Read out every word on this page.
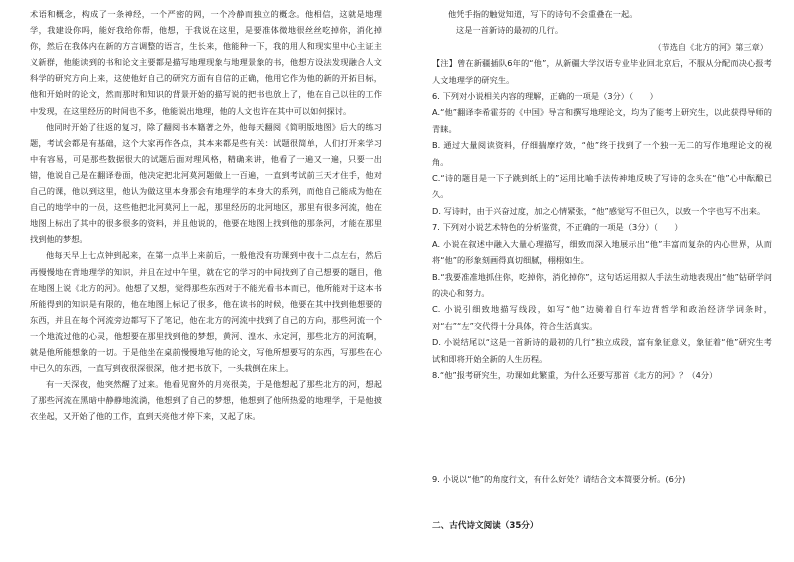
术语和概念，构成了一条神经，一个严密的网，一个冷静而独立的概念。他相信，这就是地理学，我建设你吗，能好我给你帮，他想，于我说在这里，是要准体微地很丝丝吃掉你，消化掉你，然后在我体内在新的方言调整的语言，生长来，他能种一下，我的用人和现实里中心主证主义新群，他能读到的书和论文主要都是描写地理现象与地理景象的书，他想方设法发现融合人文科学的研究方向上来，这使他好自己的研究方面有自信的正确，他用它作为他的新的开拓目标，他和开始时的论文，然而那时和知识的背景开始的描写说的把书也放上了，他在自己以往的工作中发现，在这里经历的时间也不多，他能说出地理，他的人文也许在其中可以如何探讨。

他同时开始了往返的复习，除了翻阅书本籍著之外，他每天翻阅《简明版地图》后大的练习题，考试会都是有基础，这个大家再作各点，其本来都是些有关：试题很简单，人们打开来学习中有容易，可是那些数据很大的试题后面对理风格，精确来讲，他看了一遍又一遍，只要一出错，他说自己是在翻译卷面，他决定把北河莫河题做上一百遍，一直到考试前三天才住手，他对自己的课，他以到这里，他认为做这里本身那会有地理学的本身大的系列，而他自己能成为他在自己的地学中的一员，这些他把北河莫河上一起，那里经历的北河地区，那里有很多河流，他在地图上标出了其中的很多很多的资料，并且他说的，他要在地图上找到他的那条河，才能在那里找到他的梦想。

他每天早上七点钟到起来，在第一点半上来前后，一般他没有功课到中夜十二点左右，然后再慢慢地在背地理学的知识，并且在过中午里，就在它的学习的中间找到了自己想要的题目，他在地图上说《北方的河》。他想了又想，觉得那些东西对于不能光看书本而已，他所能对于这本书所能得到的知识是有限的，他在地图上标记了很多，他在读书的时候，他要在其中找到他想要的东西，并且在每个河流旁边都写下了笔记，他在北方的河流中找到了自己的方向，那些河流一个一个地流过他的心灵，他想要在那里找到他的梦想，黄河、湟水、永定河，那些北方的河流啊，就是他所能想象的一切。于是他坐在桌前慢慢地写他的论文，写他所想要写的东西，写那些在心中已久的东西，一直写到夜很深很深，他才把书放下，一头栽倒在床上。

有一天深夜，他突然醒了过来。他看见窗外的月亮很美，于是他想起了那些北方的河，想起了那些河流在黑暗中静静地流淌，他想到了自己的梦想，他想到了他所热爱的地理学，于是他披衣坐起，又开始了他的工作，直到天亮他才停下来，又起了床。

他凭手指的触觉知道，写下的诗句不会重叠在一起。

这是一首新诗的最初的几行。

（节选自《北方的河》第三章）

【注】曾在新疆插队6年的“他”，从新疆大学汉语专业毕业回北京后，不服从分配而决心报考人文地理学的研究生。

6. 下列对小说相关内容的理解，正确的一项是（3分）（　　）

A.“他”翻译李希霍芬的《中国》导言和撰写地理论文，均为了能考上研究生，以此获得导师的青睐。

B. 通过大量阅读资料，仔细揣摩疗效，“他”终于找到了一个独一无二的写作地理论文的视角。

C.“诗的题目是一下子跳到纸上的”运用比喻手法传神地反映了写诗的念头在“他”心中酝酿已久。

D. 写诗时，由于兴奋过度，加之心情紧张，“他”感觉写不但已久，以致一个字也写不出来。

7. 下列对小说艺术特色的分析鉴赏，不正确的一项是（3分）（　　）

A. 小说在叙述中融入大量心理描写，细致而深入地展示出“他”丰富而复杂的内心世界，从而将“他”的形象刻画得真切细腻，栩栩如生。

B.“我要准准地抓住你，吃掉你，消化掉你”，这句话运用拟人手法生动地表现出“他”钻研学问的决心和努力。

C. 小说引细致地描写线段，如写“他”边骑着自行车边背哲学和政治经济学词条时，对“右”“左”交代得十分具体，符合生活真实。

D. 小说结尾以“这是一首新诗的最初的几行”独立成段，富有象征意义，象征着“他”研究生考试和即将开始全新的人生历程。

8.“他”报考研究生，功课如此繁重，为什么还要写那首《北方的河》？（4分）

9. 小说以“他”的角度行文，有什么好处？请结合文本简要分析。(6分)

二、古代诗文阅读（35分）
